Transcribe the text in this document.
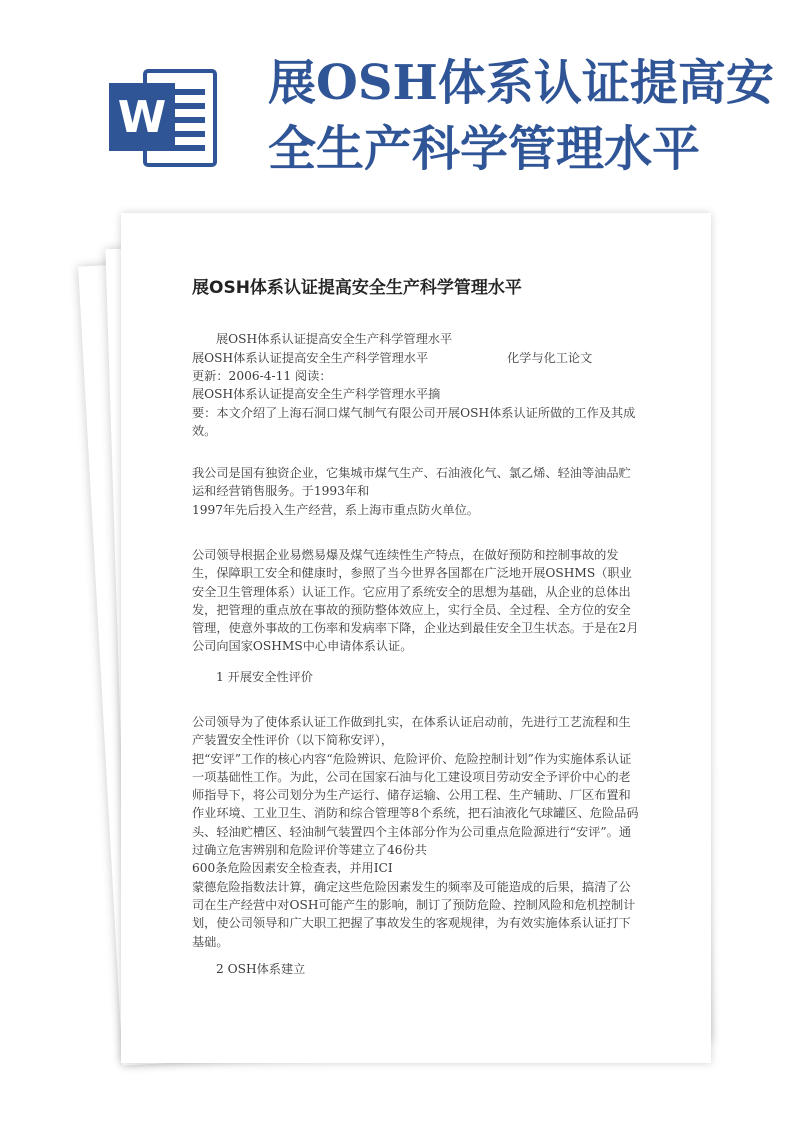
W
展OSH体系认证提高安全生产科学管理水平
展OSH体系认证提高安全生产科学管理水平
展OSH体系认证提高安全生产科学管理水平
展OSH体系认证提高安全生产科学管理水平	化学与化工论文
更新：2006-4-11 阅读：
展OSH体系认证提高安全生产科学管理水平摘
要：本文介绍了上海石洞口煤气制气有限公司开展OSH体系认证所做的工作及其成效。
我公司是国有独资企业，它集城市煤气生产、石油液化气、氯乙烯、轻油等油品贮运和经营销售服务。于1993年和
1997年先后投入生产经营，系上海市重点防火单位。
公司领导根据企业易燃易爆及煤气连续性生产特点，在做好预防和控制事故的发生，保障职工安全和健康时，参照了当今世界各国都在广泛地开展OSHMS（职业安全卫生管理体系）认证工作。它应用了系统安全的思想为基础，从企业的总体出发，把管理的重点放在事故的预防整体效应上，实行全员、全过程、全方位的安全管理，使意外事故的工伤率和发病率下降，企业达到最佳安全卫生状态。于是在2月公司向国家OSHMS中心申请体系认证。
1 开展安全性评价
公司领导为了使体系认证工作做到扎实，在体系认证启动前，先进行工艺流程和生产装置安全性评价（以下简称安评），
把“安评”工作的核心内容“危险辨识、危险评价、危险控制计划”作为实施体系认证一项基础性工作。为此，公司在国家石油与化工建设项目劳动安全予评价中心的老师指导下，将公司划分为生产运行、储存运输、公用工程、生产辅助、厂区布置和作业环境、工业卫生、消防和综合管理等8个系统，把石油液化气球罐区、危险品码头、轻油贮槽区、轻油制气装置四个主体部分作为公司重点危险源进行“安评”。通过确立危害辨别和危险评价等建立了46份共
600条危险因素安全检查表，并用ICI
蒙德危险指数法计算，确定这些危险因素发生的频率及可能造成的后果，搞清了公司在生产经营中对OSH可能产生的影响，制订了预防危险、控制风险和危机控制计划，使公司领导和广大职工把握了事故发生的客观规律，为有效实施体系认证打下基础。
2 OSH体系建立
